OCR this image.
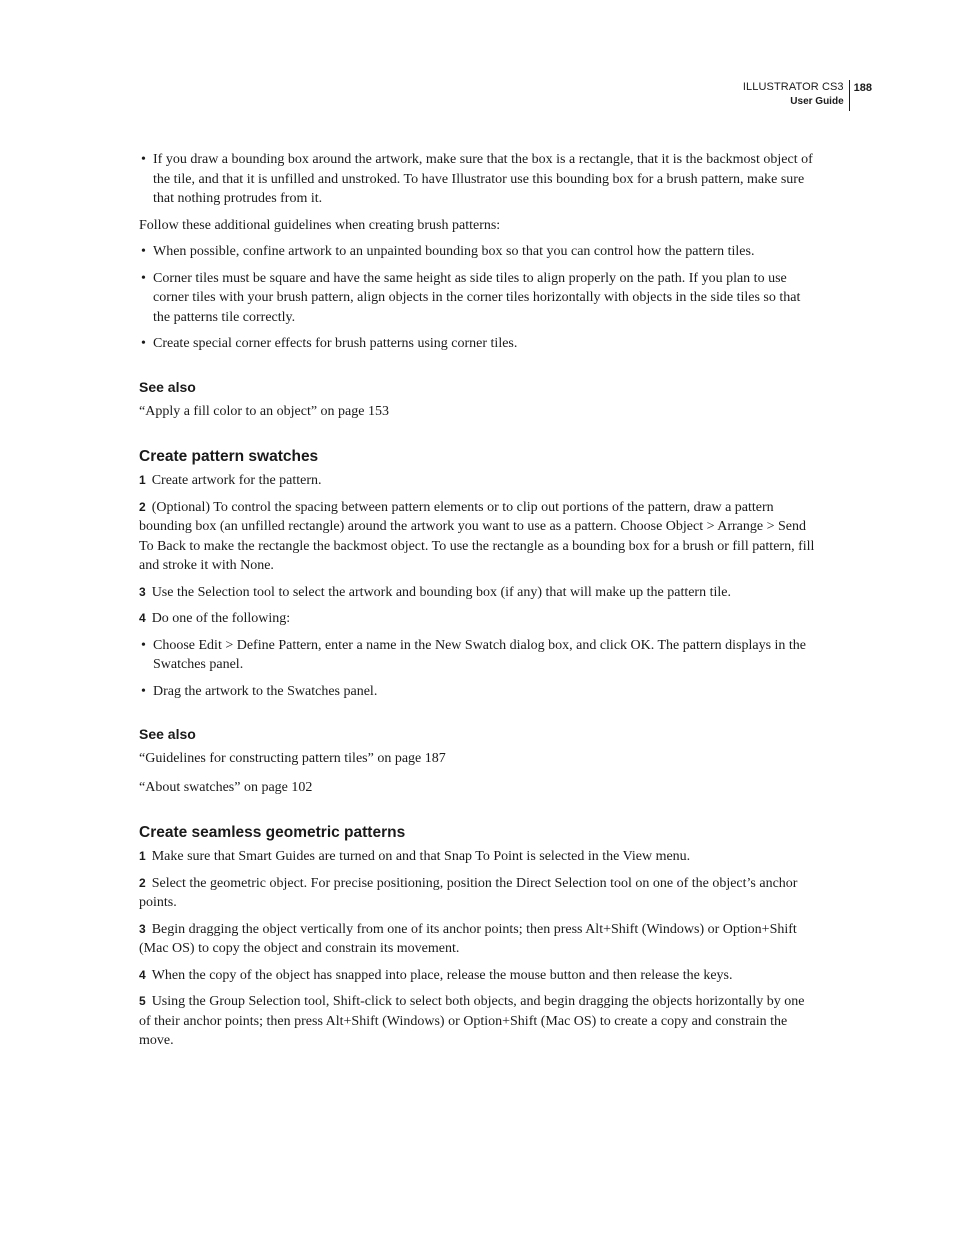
ILLUSTRATOR CS3
User Guide
188
• If you draw a bounding box around the artwork, make sure that the box is a rectangle, that it is the backmost object of the tile, and that it is unfilled and unstroked. To have Illustrator use this bounding box for a brush pattern, make sure that nothing protrudes from it.

Follow these additional guidelines when creating brush patterns:

• When possible, confine artwork to an unpainted bounding box so that you can control how the pattern tiles.
• Corner tiles must be square and have the same height as side tiles to align properly on the path. If you plan to use corner tiles with your brush pattern, align objects in the corner tiles horizontally with objects in the side tiles so that the patterns tile correctly.
• Create special corner effects for brush patterns using corner tiles.
See also

“Apply a fill color to an object” on page 153

Create pattern swatches

1 Create artwork for the pattern.

2 (Optional) To control the spacing between pattern elements or to clip out portions of the pattern, draw a pattern bounding box (an unfilled rectangle) around the artwork you want to use as a pattern. Choose Object > Arrange > Send To Back to make the rectangle the backmost object. To use the rectangle as a bounding box for a brush or fill pattern, fill and stroke it with None.

3 Use the Selection tool to select the artwork and bounding box (if any) that will make up the pattern tile.

4 Do one of the following:

• Choose Edit > Define Pattern, enter a name in the New Swatch dialog box, and click OK. The pattern displays in the Swatches panel.
• Drag the artwork to the Swatches panel.
See also

“Guidelines for constructing pattern tiles” on page 187

“About swatches” on page 102

Create seamless geometric patterns

1 Make sure that Smart Guides are turned on and that Snap To Point is selected in the View menu.

2 Select the geometric object. For precise positioning, position the Direct Selection tool on one of the object’s anchor points.

3 Begin dragging the object vertically from one of its anchor points; then press Alt+Shift (Windows) or Option+Shift (Mac OS) to copy the object and constrain its movement.

4 When the copy of the object has snapped into place, release the mouse button and then release the keys.

5 Using the Group Selection tool, Shift-click to select both objects, and begin dragging the objects horizontally by one of their anchor points; then press Alt+Shift (Windows) or Option+Shift (Mac OS) to create a copy and constrain the move.
